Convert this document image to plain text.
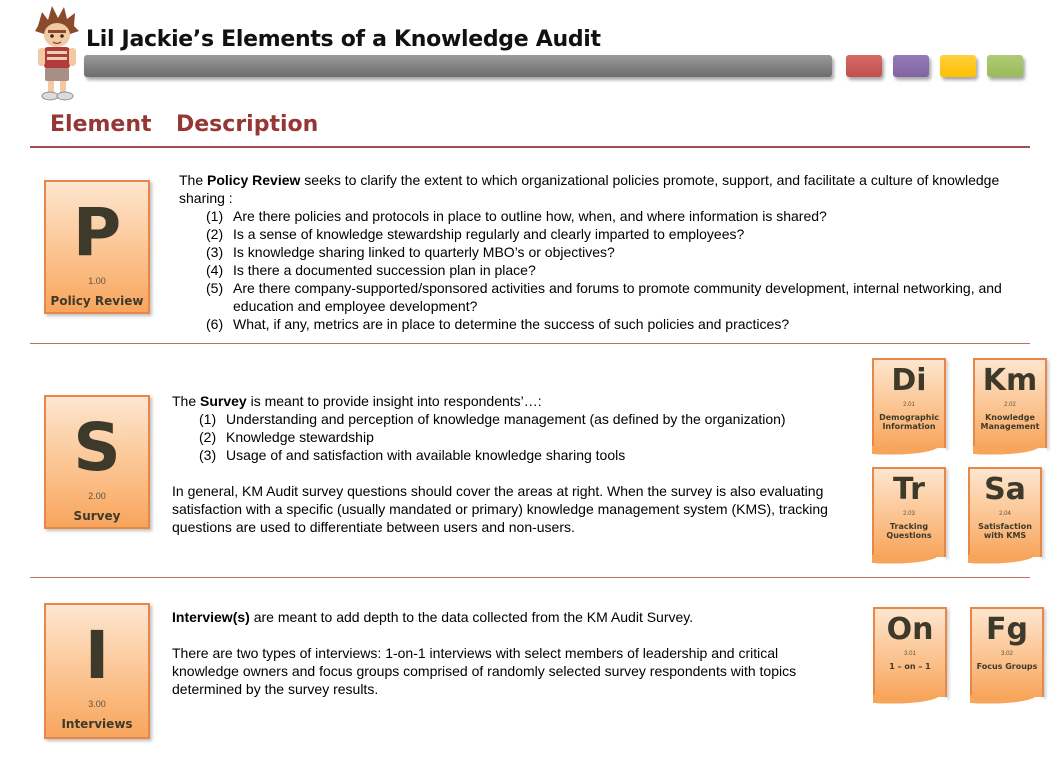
Lil Jackie’s Elements of a Knowledge Audit
Element Description
P
1.00
Policy Review

The Policy Review seeks to clarify the extent to which organizational policies promote, support, and facilitate a culture of knowledge sharing :

(1) Are there policies and protocols in place to outline how, when, and where information is shared?
(2) Is a sense of knowledge stewardship regularly and clearly imparted to employees?
(3) Is knowledge sharing linked to quarterly MBO’s or objectives?
(4) Is there a documented succession plan in place?
(5) Are there company-supported/sponsored activities and forums to promote community development, internal networking, and education and employee development?
(6) What, if any, metrics are in place to determine the success of such policies and practices?
S
2.00
Survey

The Survey is meant to provide insight into respondents’…:

(1) Understanding and perception of knowledge management (as defined by the organization)
(2) Knowledge stewardship
(3) Usage of and satisfaction with available knowledge sharing tools

In general, KM Audit survey questions should cover the areas at right. When the survey is also evaluating satisfaction with a specific (usually mandated or primary) knowledge management system (KMS), tracking questions are used to differentiate between users and non-users.

Di
2.01
Demographic Information
Km
2.02
Knowledge Management
Tr
2.03
Tracking Questions
Sa
2.04
Satisfaction with KMS
I
3.00
Interviews

Interview(s) are meant to add depth to the data collected from the KM Audit Survey.

There are two types of interviews: 1-on-1 interviews with select members of leadership and critical knowledge owners and focus groups comprised of randomly selected survey respondents with topics determined by the survey results.

On
3.01
1 – on – 1
Fg
3.02
Focus Groups
